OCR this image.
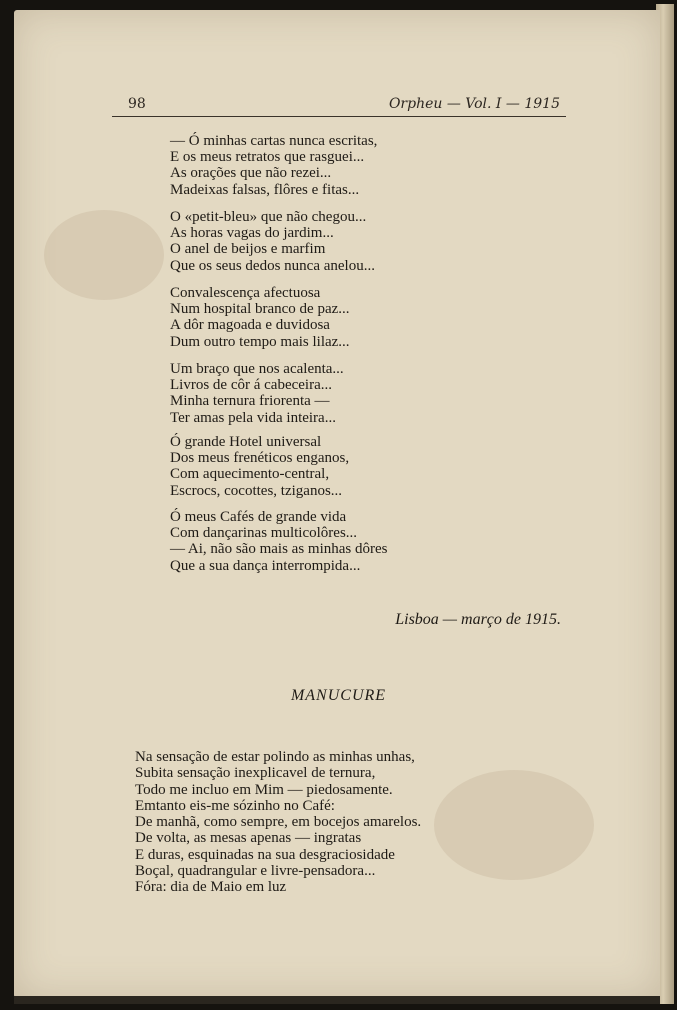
98	Orpheu — Vol. I — 1915
— Ó minhas cartas nunca escritas,
E os meus retratos que rasguei...
As orações que não rezei...
Madeixas falsas, flôres e fitas...
O «petit-bleu» que não chegou...
As horas vagas do jardim...
O anel de beijos e marfim
Que os seus dedos nunca anelou...
Convalescença afectuosa
Num hospital branco de paz...
A dôr magoada e duvidosa
Dum outro tempo mais lilaz...
Um braço que nos acalenta...
Livros de côr á cabeceira...
Minha ternura friorenta —
Ter amas pela vida inteira...
Ó grande Hotel universal
Dos meus frenéticos enganos,
Com aquecimento-central,
Escrocs, cocottes, tziganos...
Ó meus Cafés de grande vida
Com dançarinas multicolôres...
— Ai, não são mais as minhas dôres
Que a sua dança interrompida...
Lisboa — março de 1915.
MANUCURE
Na sensação de estar polindo as minhas unhas,
Subita sensação inexplicavel de ternura,
Todo me incluo em Mim — piedosamente.
Emtanto eis-me sózinho no Café:
De manhã, como sempre, em bocejos amarelos.
De volta, as mesas apenas — ingratas
E duras, esquinadas na sua desgraciosidade
Boçal, quadrangular e livre-pensadora...
Fóra: dia de Maio em luz
